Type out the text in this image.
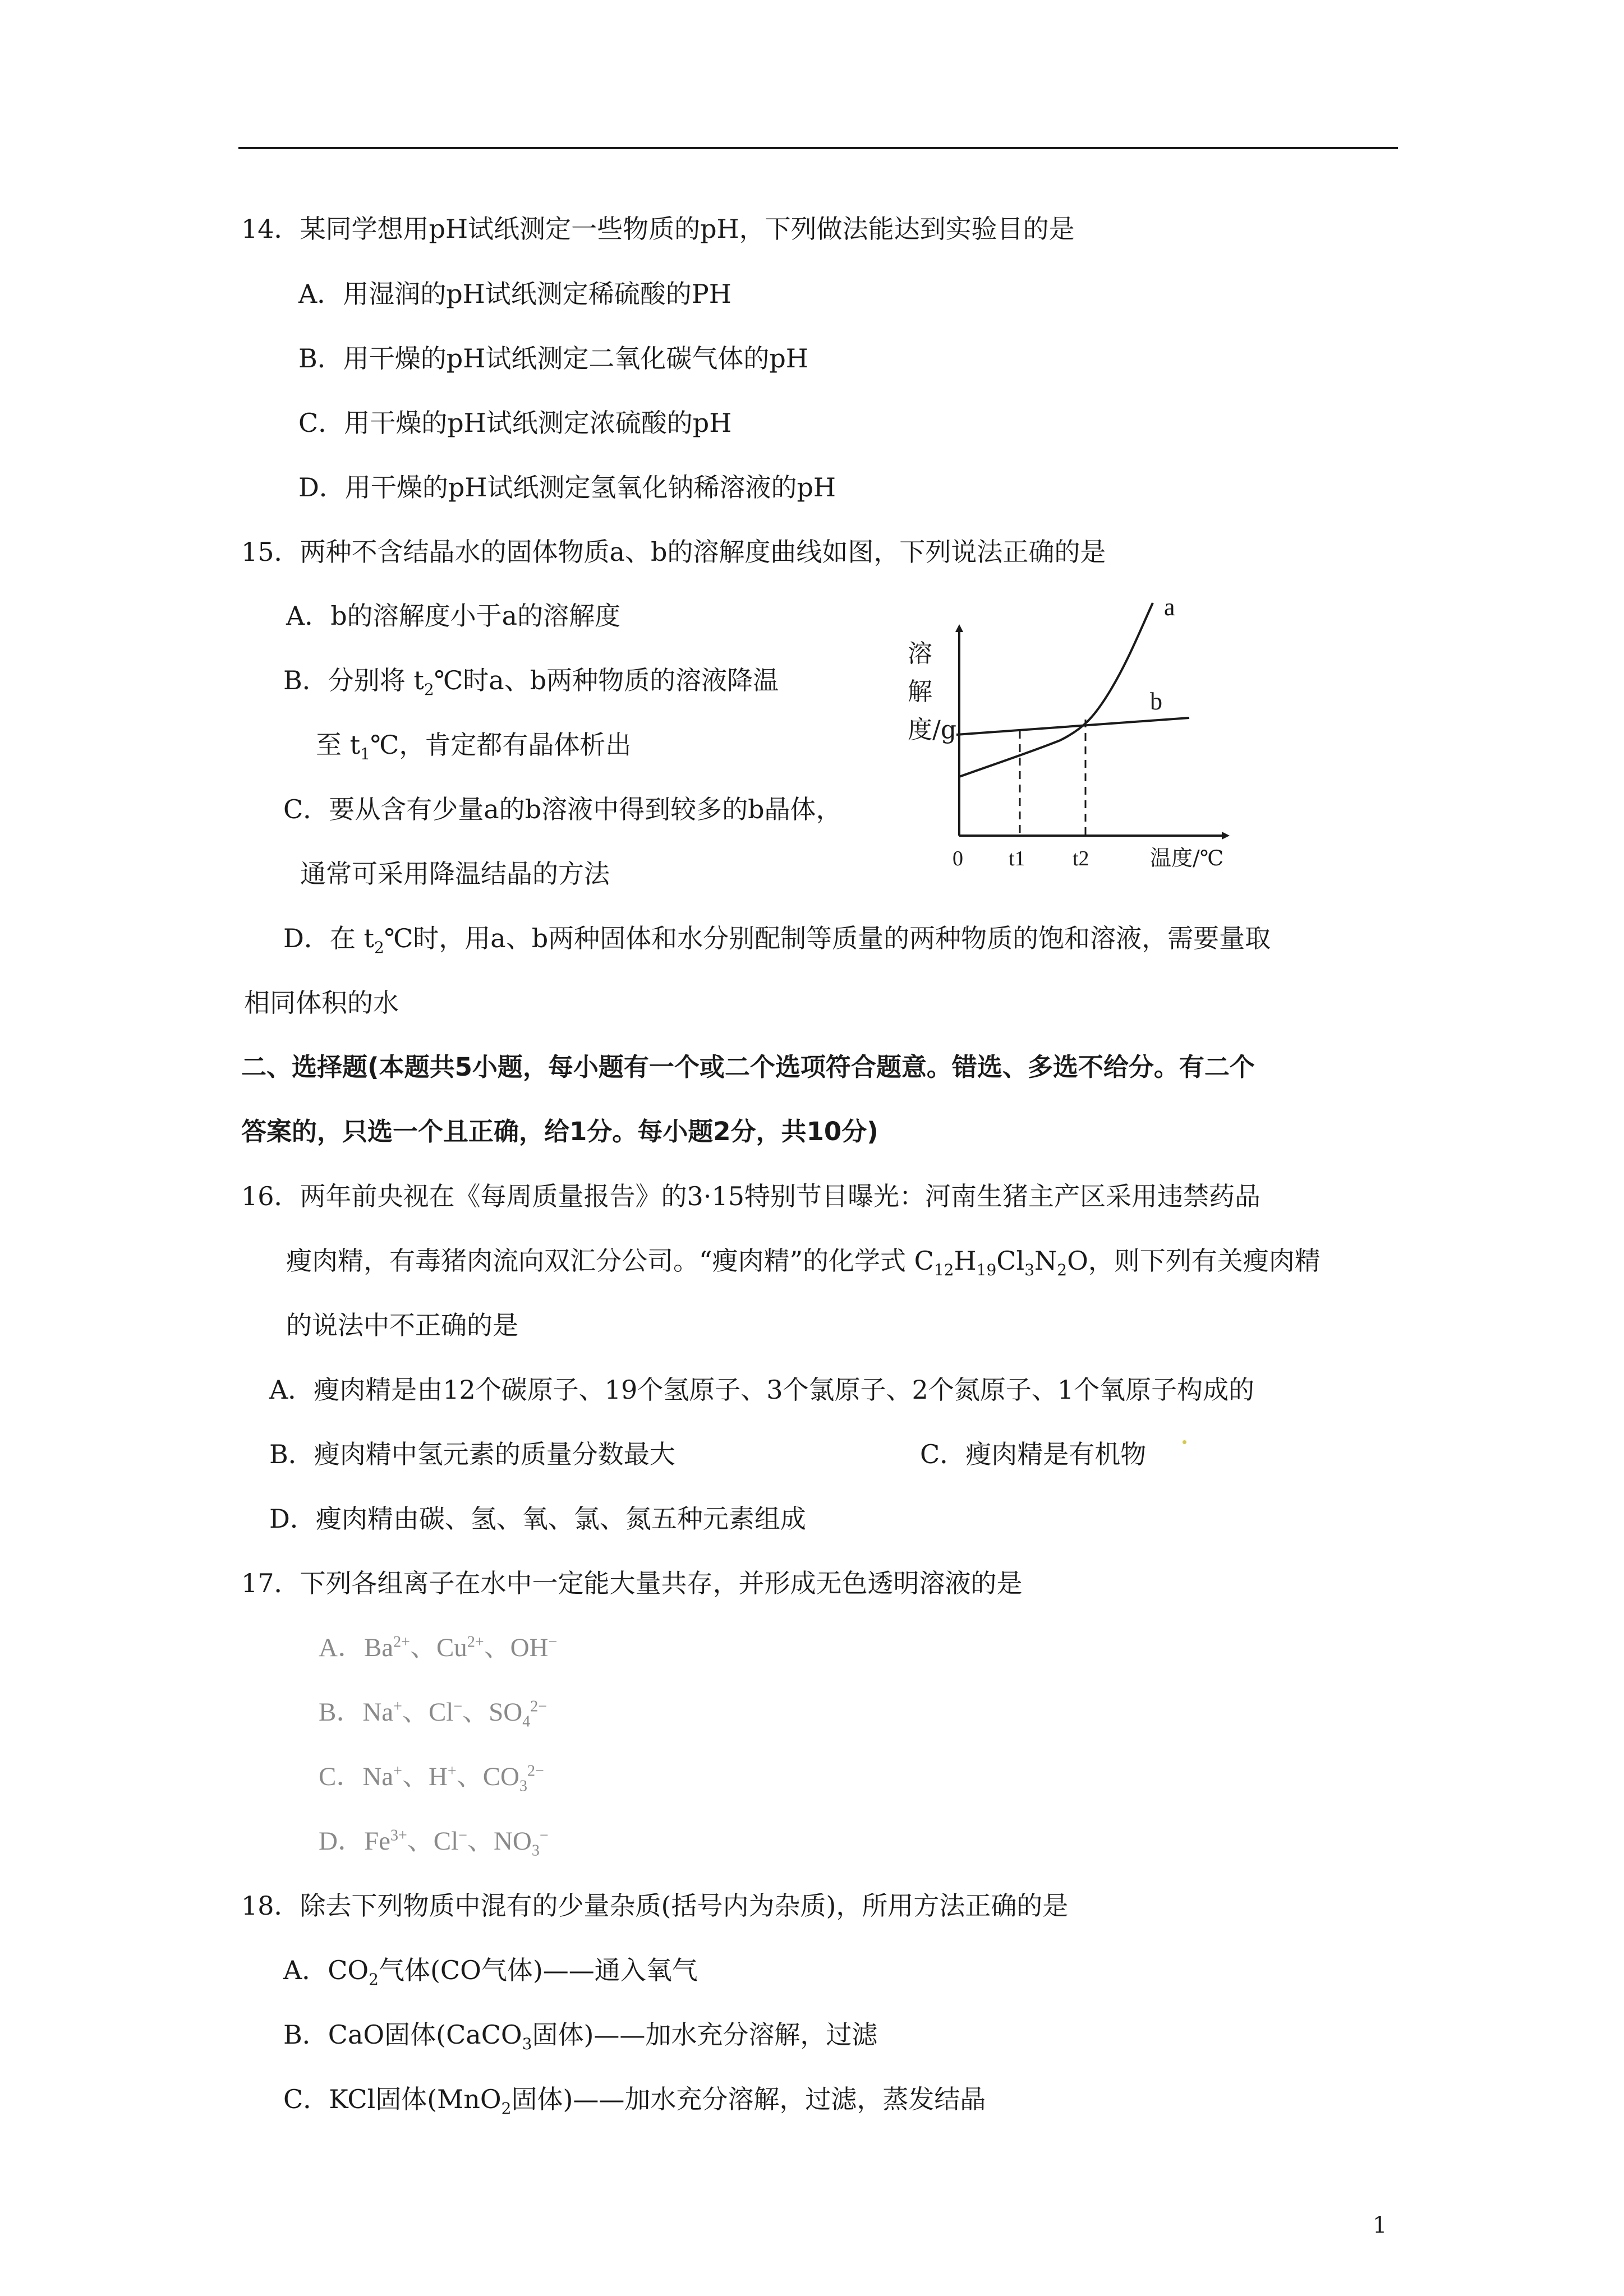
14．某同学想用pH试纸测定一些物质的pH，下列做法能达到实验目的是
A．用湿润的pH试纸测定稀硫酸的PH
B．用干燥的pH试纸测定二氧化碳气体的pH
C．用干燥的pH试纸测定浓硫酸的pH
D．用干燥的pH试纸测定氢氧化钠稀溶液的pH
15．两种不含结晶水的固体物质a、b的溶解度曲线如图，下列说法正确的是
A．b的溶解度小于a的溶解度
B．分别将 $t_2℃$时a、b两种物质的溶液降温
至 $t_1℃$，肯定都有晶体析出
C．要从含有少量a的b溶液中得到较多的b晶体，
通常可采用降温结晶的方法
D．在 $t_2℃$时，用a、b两种固体和水分别配制等质量的两种物质的饱和溶液，需要量取
相同体积的水
a
b
溶
解
度/g
0 t1 t2	温度/℃
二、选择题(本题共5小题，每小题有一个或二个选项符合题意。错选、多选不给分。有二个
答案的，只选一个且正确，给1分。每小题2分，共10分)
16．两年前央视在《每周质量报告》的3·15特别节目曝光：河南生猪主产区采用违禁药品
瘦肉精，有毒猪肉流向双汇分公司。“瘦肉精”的化学式 $C_{12}H_{19}Cl_3N_2O$，则下列有关瘦肉精
的说法中不正确的是
A．瘦肉精是由12个碳原子、19个氢原子、3个氯原子、2个氮原子、1个氧原子构成的
B．瘦肉精中氢元素的质量分数最大	C．瘦肉精是有机物
D．瘦肉精由碳、氢、氧、氯、氮五种元素组成
17．下列各组离子在水中一定能大量共存，并形成无色透明溶液的是
A．$Ba^{2+}$、$Cu^{2+}$、OH−
B．Na+、Cl−、$SO_4^{2-}$
C．Na+、H+、$CO_3^{2-}$
D．$Fe^{3+}$、Cl−、$NO_3^-$
18．除去下列物质中混有的少量杂质(括号内为杂质)，所用方法正确的是
A．$CO_2$气体(CO气体)——通入氧气
B．CaO固体(CaCO$_3$固体)——加水充分溶解，过滤
C．KCl固体(MnO$_2$固体)——加水充分溶解，过滤，蒸发结晶
1
